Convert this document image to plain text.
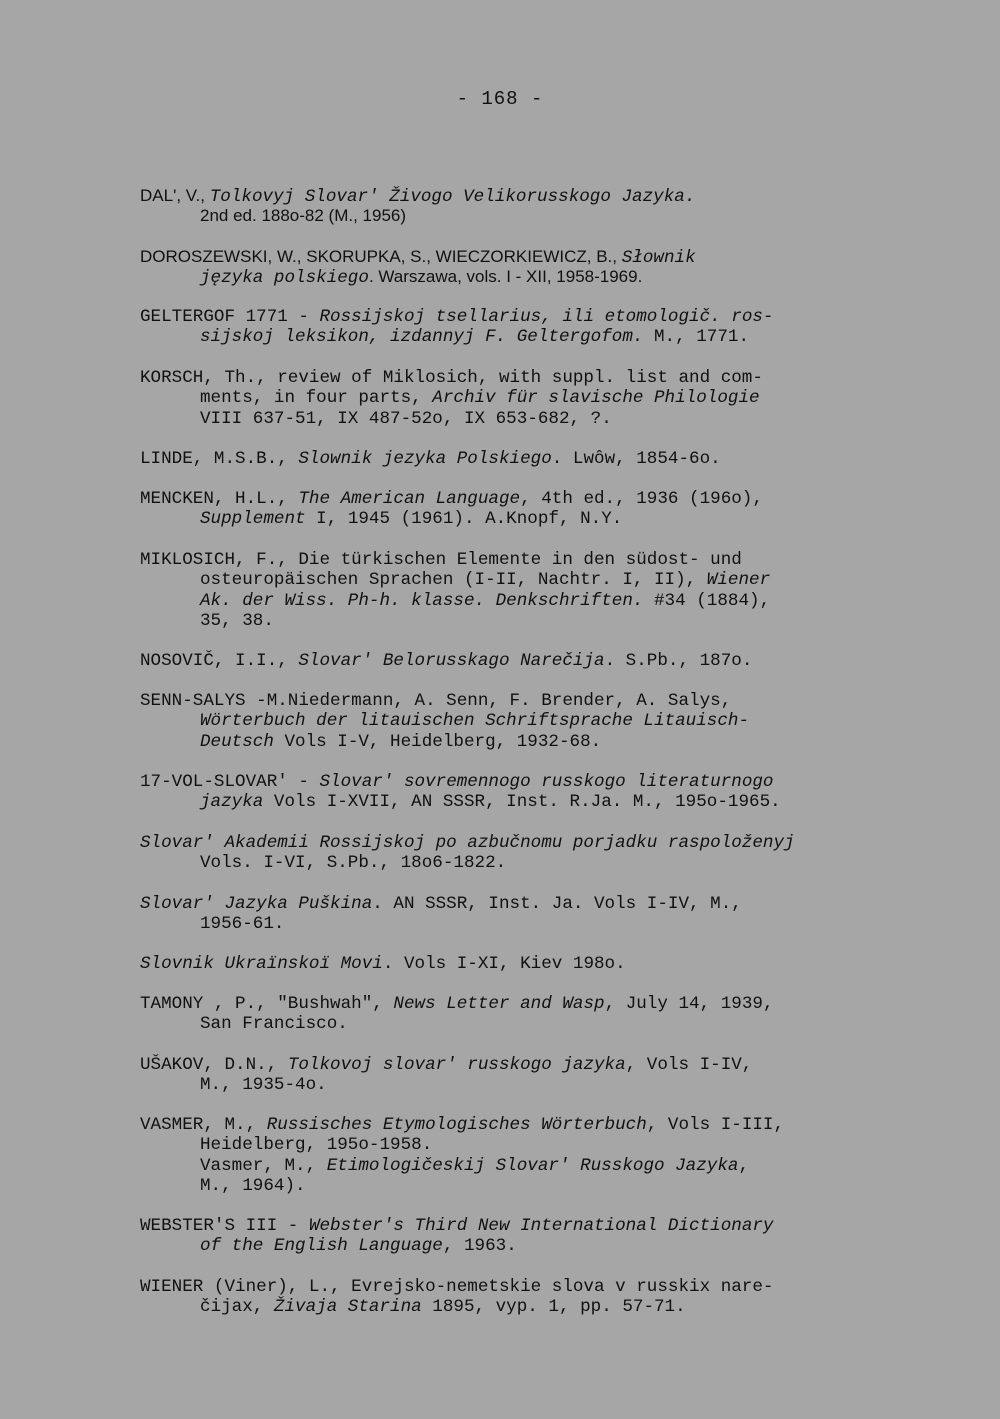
- 168 -
DAL', V., Tolkovyj Slovar' Živogo Velikorusskogo Jazyka.
2nd ed. 188o-82 (M., 1956)
DOROSZEWSKI, W., SKORUPKA, S., WIECZORKIEWICZ, B., Słownik
języka polskiego. Warszawa, vols. I - XII, 1958-1969.
GELTERGOF 1771 - Rossijskoj tsellarius, ili etomologič. ros-
sijskoj leksikon, izdannyj F. Geltergofom. M., 1771.
KORSCH, Th., review of Miklosich, with suppl. list and com-
ments, in four parts, Archiv für slavische Philologie
VIII 637-51, IX 487-52o, IX 653-682, ?.
LINDE, M.S.B., Slownik jezyka Polskiego. Lwôw, 1854-6o.
MENCKEN, H.L., The American Language, 4th ed., 1936 (196o),
Supplement I, 1945 (1961). A.Knopf, N.Y.
MIKLOSICH, F., Die türkischen Elemente in den südost- und
osteuropäischen Sprachen (I-II, Nachtr. I, II), Wiener
Ak. der Wiss. Ph-h. klasse. Denkschriften. #34 (1884),
35, 38.
NOSOVIČ, I.I., Slovar' Belorusskago Narečija. S.Pb., 187o.
SENN-SALYS -M.Niedermann, A. Senn, F. Brender, A. Salys,
Wörterbuch der litauischen Schriftsprache Litauisch-
Deutsch Vols I-V, Heidelberg, 1932-68.
17-VOL-SLOVAR' - Slovar' sovremennogo russkogo literaturnogo
jazyka Vols I-XVII, AN SSSR, Inst. R.Ja. M., 195o-1965.
Slovar' Akademii Rossijskoj po azbučnomu porjadku raspoloženyj
Vols. I-VI, S.Pb., 18o6-1822.
Slovar' Jazyka Puškina. AN SSSR, Inst. Ja. Vols I-IV, M.,
1956-61.
Slovnik Ukraïnskoï Movi. Vols I-XI, Kiev 198o.
TAMONY , P., "Bushwah", News Letter and Wasp, July 14, 1939,
San Francisco.
UŠAKOV, D.N., Tolkovoj slovar' russkogo jazyka, Vols I-IV,
M., 1935-4o.
VASMER, M., Russisches Etymologisches Wörterbuch, Vols I-III,
Heidelberg, 195o-1958.
Vasmer, M., Etimologičeskij Slovar' Russkogo Jazyka,
M., 1964).
WEBSTER'S III - Webster's Third New International Dictionary
of the English Language, 1963.
WIENER (Viner), L., Evrejsko-nemetskie slova v russkix nare-
čijax, Živaja Starina 1895, vyp. 1, pp. 57-71.
